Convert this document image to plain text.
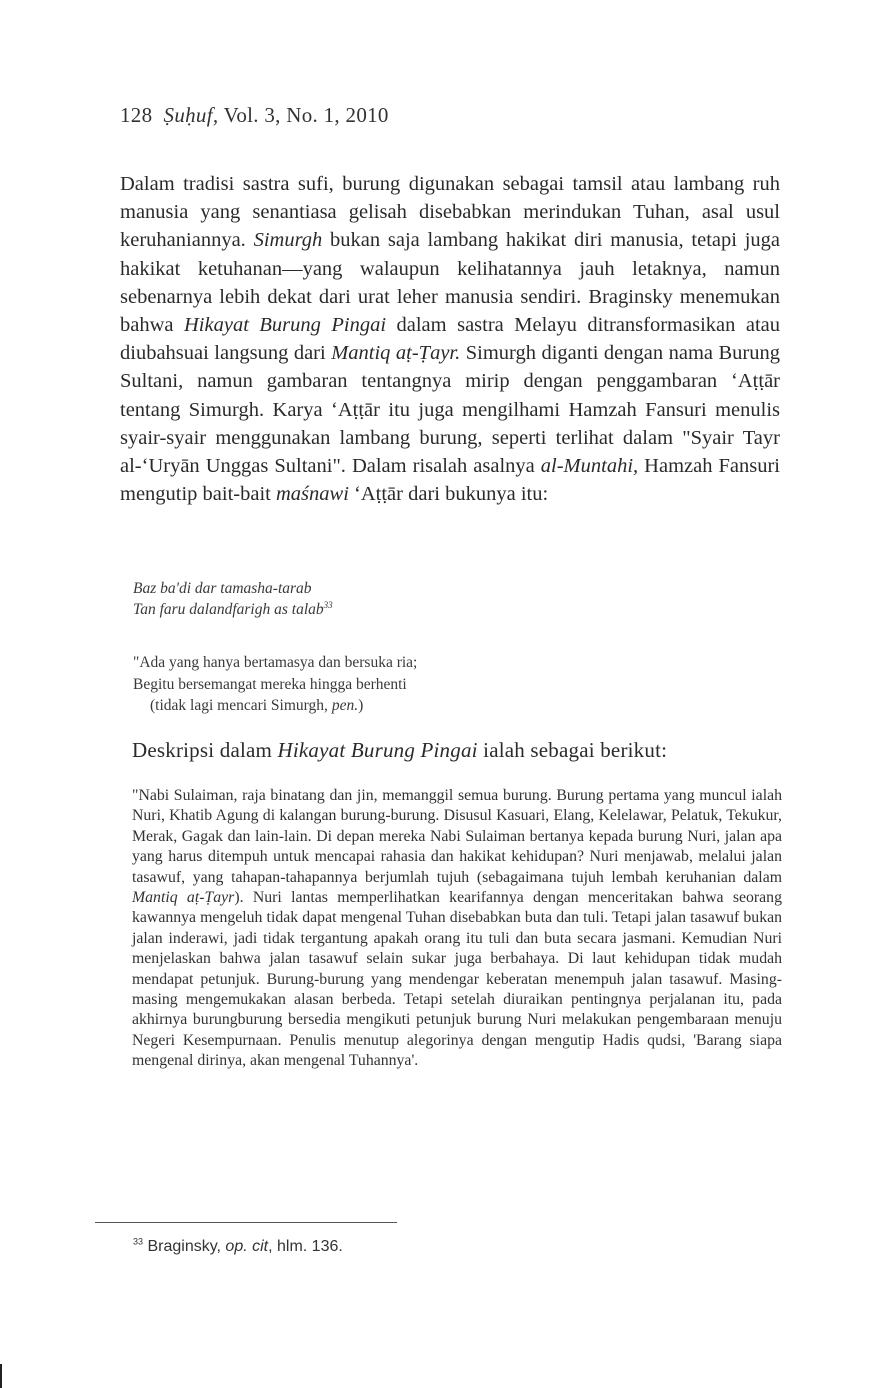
128 Ṣuḥuf, Vol. 3, No. 1, 2010
Dalam tradisi sastra sufi, burung digunakan sebagai tamsil atau lambang ruh manusia yang senantiasa gelisah disebabkan merindukan Tuhan, asal usul keruhaniannya. Simurgh bukan saja lambang hakikat diri manusia, tetapi juga hakikat ketuhanan—yang walaupun kelihatannya jauh letaknya, namun sebenarnya lebih dekat dari urat leher manusia sendiri. Braginsky menemukan bahwa Hikayat Burung Pingai dalam sastra Melayu ditransformasikan atau diubahsuai langsung dari Mantiq aṭ-Ṭayr. Simurgh diganti dengan nama Burung Sultani, namun gambaran tentangnya mirip dengan penggambaran ‘Aṭṭār tentang Simurgh. Karya ‘Aṭṭār itu juga mengilhami Hamzah Fansuri menulis syair-syair menggunakan lambang burung, seperti terlihat dalam "Syair Tayr al-‘Uryān Unggas Sultani". Dalam risalah asalnya al-Muntahi, Hamzah Fansuri mengutip bait-bait maśnawi ‘Aṭṭār dari bukunya itu:
Baz ba'di dar tamasha-tarab
Tan faru dalandfarigh as talab$^{33}$
"Ada yang hanya bertamasya dan bersuka ria;
Begitu bersemangat mereka hingga berhenti
(tidak lagi mencari Simurgh, pen.)
Deskripsi dalam Hikayat Burung Pingai ialah sebagai berikut:
"Nabi Sulaiman, raja binatang dan jin, memanggil semua burung. Burung pertama yang muncul ialah Nuri, Khatib Agung di kalangan burung-burung. Disusul Kasuari, Elang, Kelelawar, Pelatuk, Tekukur, Merak, Gagak dan lain-lain. Di depan mereka Nabi Sulaiman bertanya kepada burung Nuri, jalan apa yang harus ditempuh untuk mencapai rahasia dan hakikat kehidupan? Nuri menjawab, melalui jalan tasawuf, yang tahapan-tahapannya berjumlah tujuh (sebagaimana tujuh lembah keruhanian dalam Mantiq aṭ-Ṭayr). Nuri lantas memperlihatkan kearifannya dengan menceritakan bahwa seorang kawannya mengeluh tidak dapat mengenal Tuhan disebabkan buta dan tuli. Tetapi jalan tasawuf bukan jalan inderawi, jadi tidak tergantung apakah orang itu tuli dan buta secara jasmani. Kemudian Nuri menjelaskan bahwa jalan tasawuf selain sukar juga berbahaya. Di laut kehidupan tidak mudah mendapat petunjuk. Burung-burung yang mendengar keberatan menempuh jalan tasawuf. Masing-masing mengemukakan alasan berbeda. Tetapi setelah diuraikan pentingnya perjalanan itu, pada akhirnya burungburung bersedia mengikuti petunjuk burung Nuri melakukan pengembaraan menuju Negeri Kesempurnaan. Penulis menutup alegorinya dengan mengutip Hadis qudsi, 'Barang siapa mengenal dirinya, akan mengenal Tuhannya'.
$^{33}$ Braginsky, op. cit, hlm. 136.
